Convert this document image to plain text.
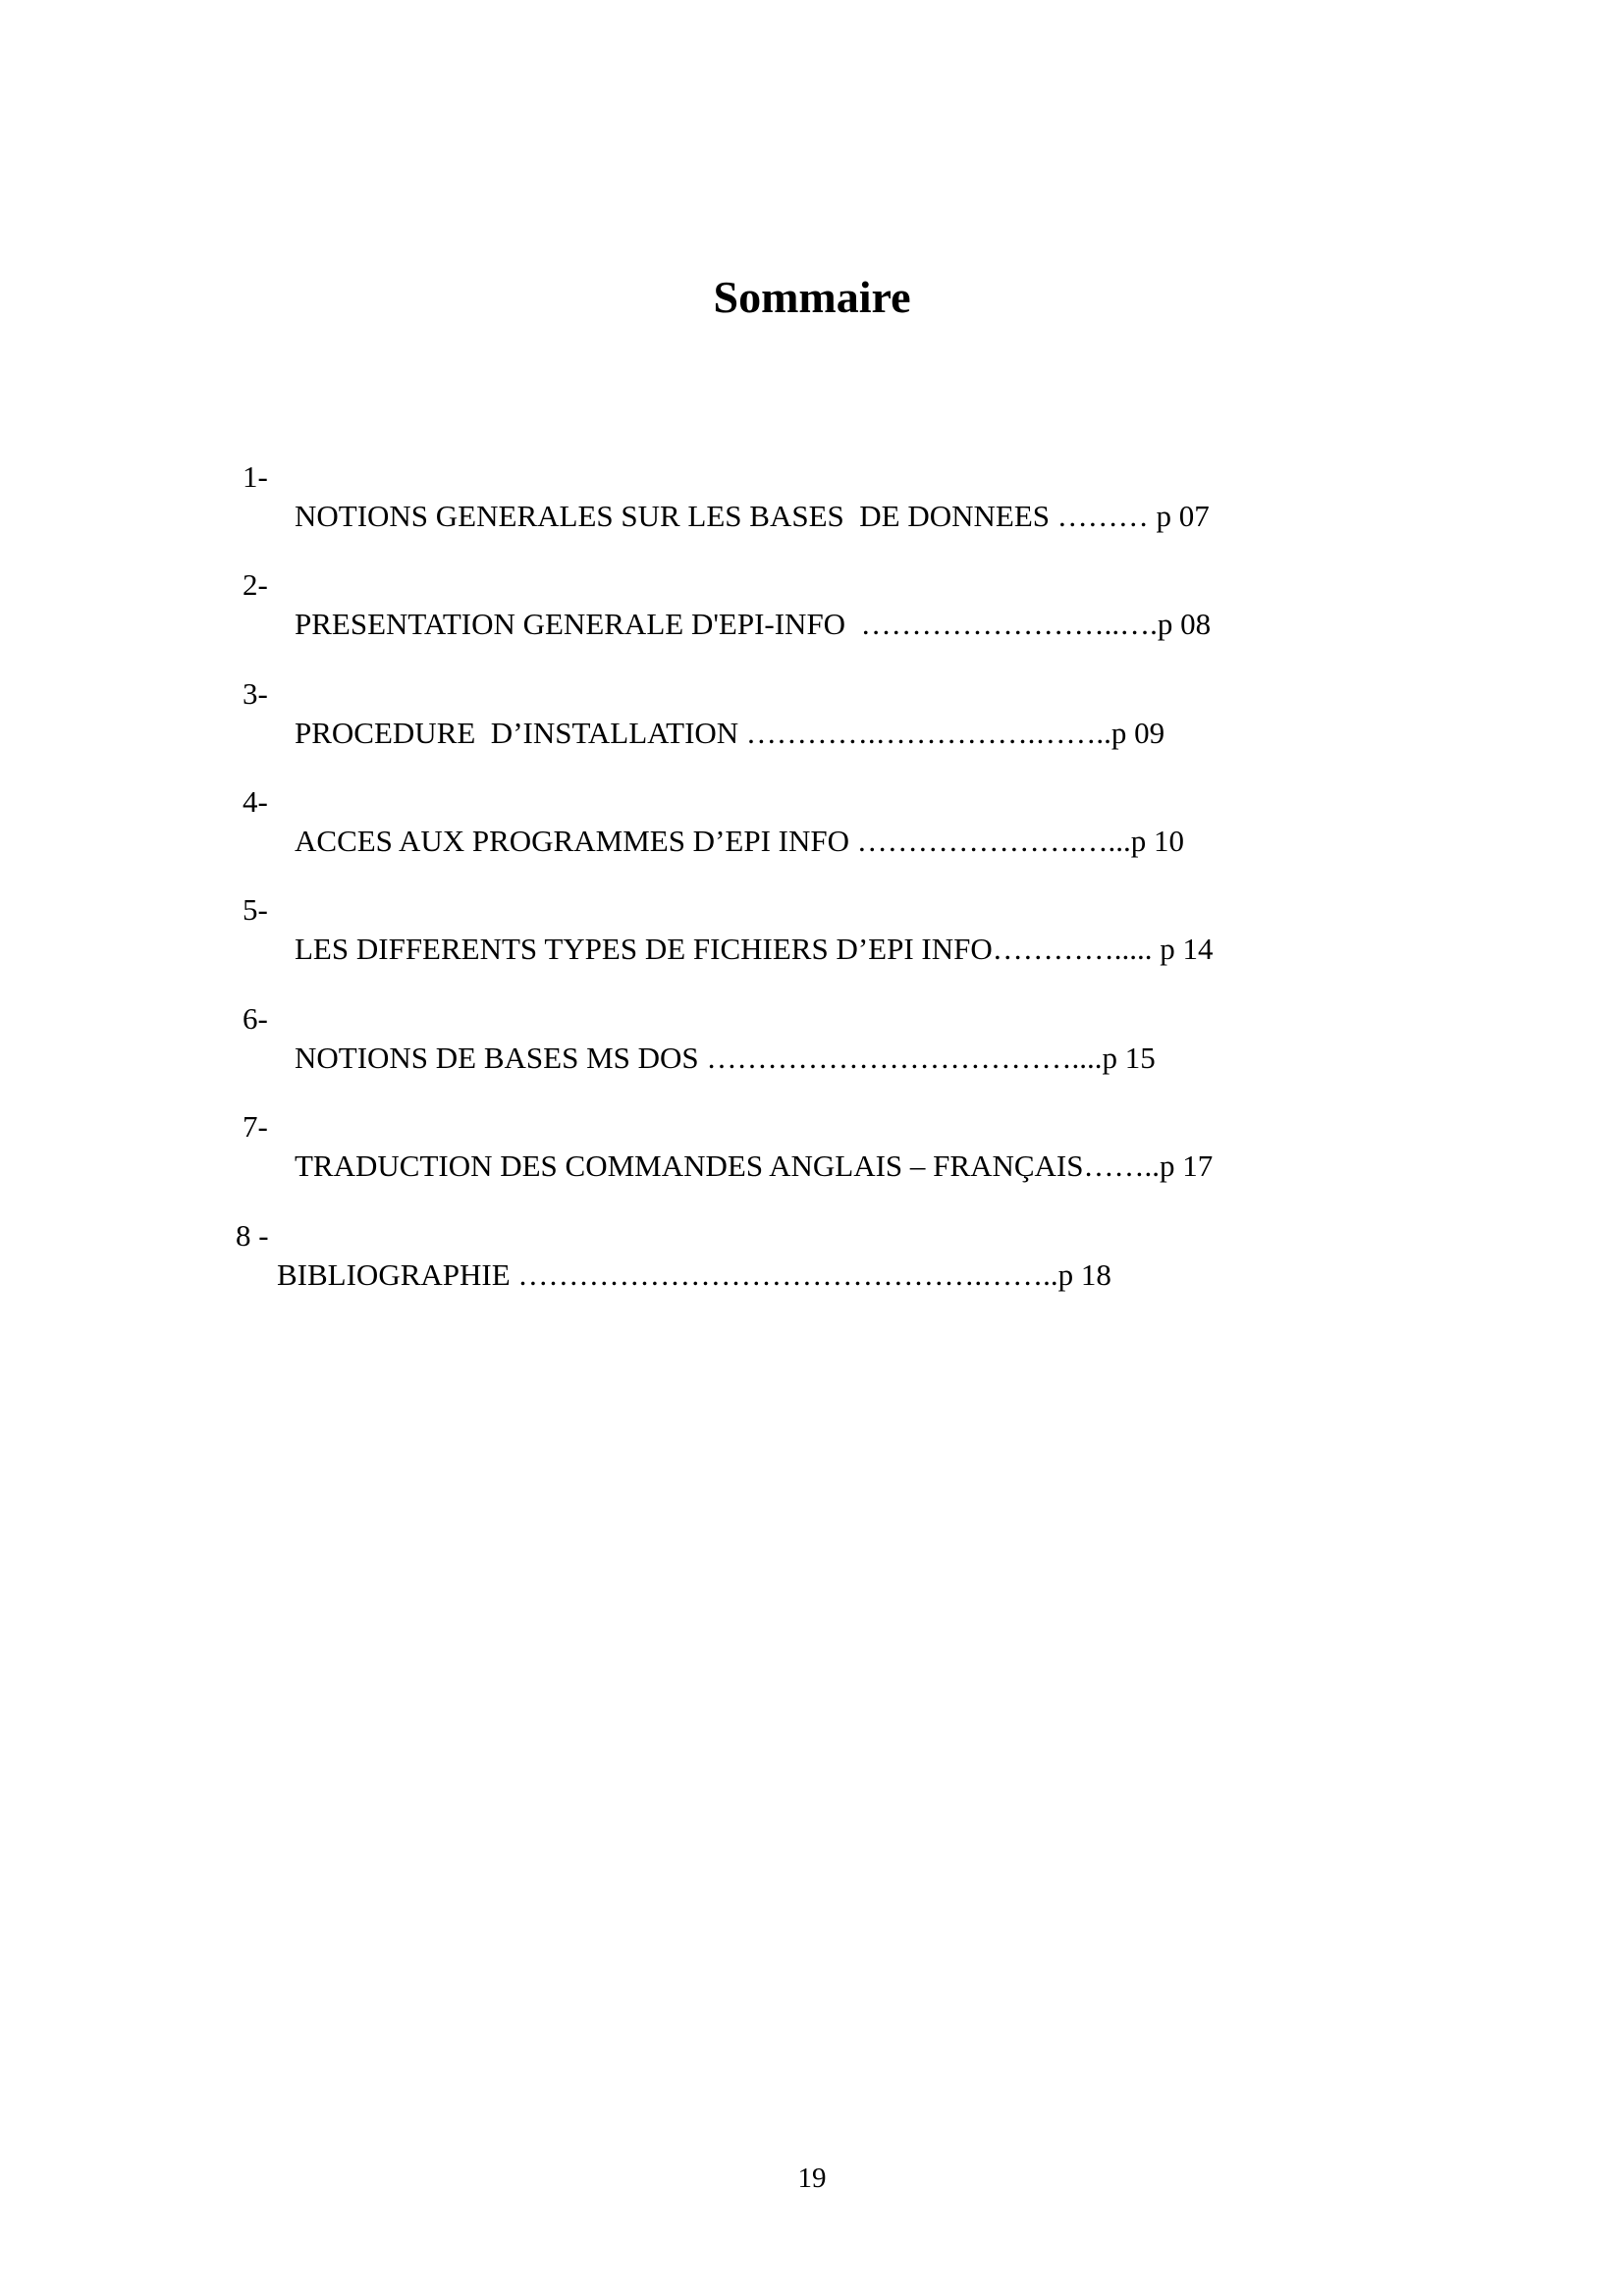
Sommaire

1-

NOTIONS GENERALES SUR LES BASES  DE DONNEES ……… p 07

2-

PRESENTATION GENERALE D'EPI-INFO  ……………………..….p 08

3-

PROCEDURE  D’INSTALLATION ………….…………….……..p 09

4-

ACCES AUX PROGRAMMES D’EPI INFO ………………….…...p 10

5-

LES DIFFERENTS TYPES DE FICHIERS D’EPI INFO…………..... p 14

6-

NOTIONS DE BASES MS DOS ………………………………....p 15

7-

TRADUCTION DES COMMANDES ANGLAIS – FRANÇAIS……..p 17

8 -

BIBLIOGRAPHIE ……………………………………….……..p 18

19
